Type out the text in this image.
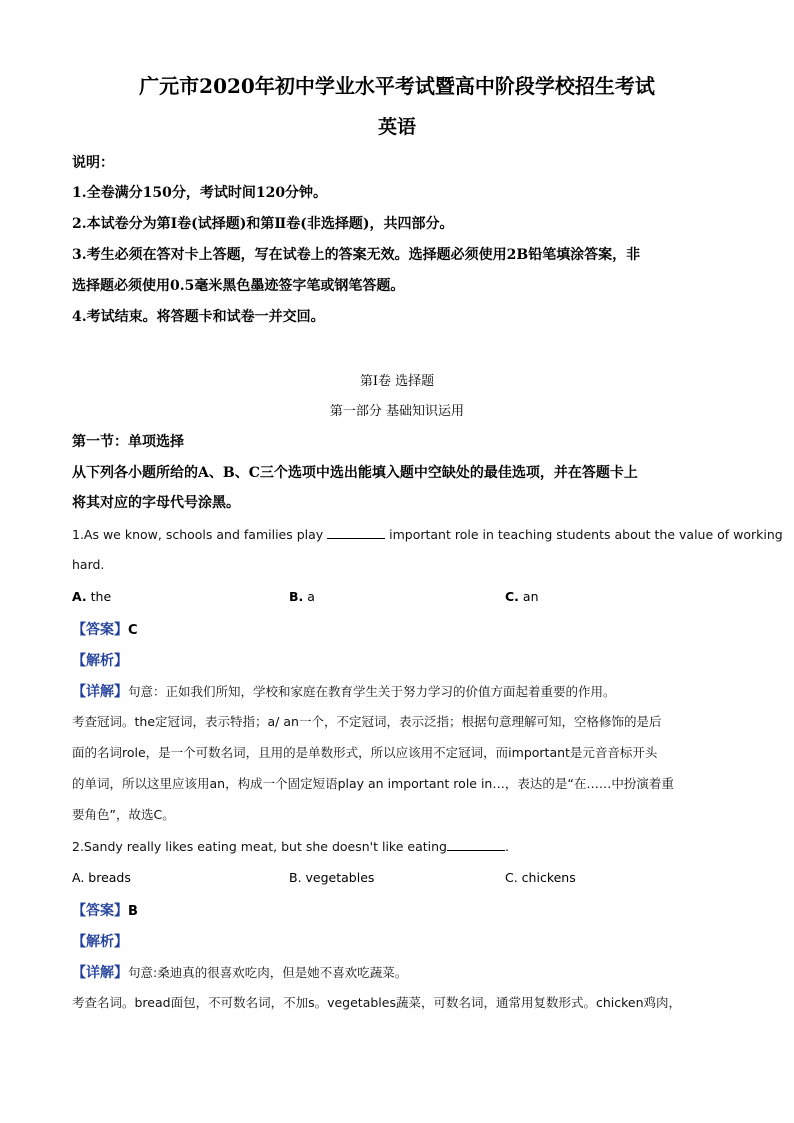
广元市2020年初中学业水平考试暨高中阶段学校招生考试
英语
说明：
1.全卷满分150分，考试时间120分钟。
2.本试卷分为第Ⅰ卷(试择题)和第Ⅱ卷(非选择题)，共四部分。
3.考生必须在答对卡上答题，写在试卷上的答案无效。选择题必须使用2B铅笔填涂答案，非
选择题必须使用0.5毫米黑色墨迹签字笔或钢笔答题。
4.考试结束。将答题卡和试卷一并交回。
第I卷 选择题
第一部分 基础知识运用
第一节：单项选择
从下列各小题所给的A、B、C三个选项中选出能填入题中空缺处的最佳选项，并在答题卡上
将其对应的字母代号涂黑。
1.As we know, schools and families play	important role in teaching students about the value of working
hard.
A. the	B. a	C. an
【答案】C
【解析】
【详解】句意：正如我们所知，学校和家庭在教育学生关于努力学习的价值方面起着重要的作用。
考查冠词。the定冠词，表示特指；a/ an一个，不定冠词，表示泛指；根据句意理解可知，空格修饰的是后
面的名词role，是一个可数名词，且用的是单数形式，所以应该用不定冠词，而important是元音音标开头
的单词，所以这里应该用an，构成一个固定短语play an important role in…，表达的是“在……中扮演着重
要角色”，故选C。
2.Sandy really likes eating meat, but she doesn't like eating	.
A. breads	B. vegetables	C. chickens
【答案】B
【解析】
【详解】句意:桑迪真的很喜欢吃肉，但是她不喜欢吃蔬菜。
考查名词。bread面包，不可数名词，不加s。vegetables蔬菜，可数名词，通常用复数形式。chicken鸡肉，
